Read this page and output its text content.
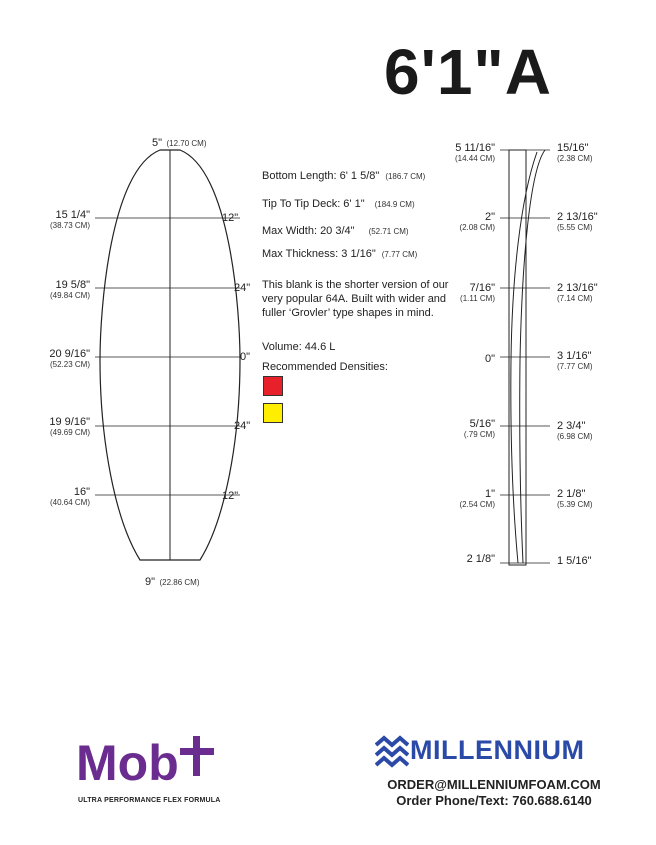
6'1"A
5" (12.70 CM)
9" (22.86 CM)
15 1/4"
(38.73 CM)
19 5/8"
(49.84 CM)
20 9/16"
(52.23 CM)
19 9/16"
(49.69 CM)
16"
(40.64 CM)
12"
24"
0"
24"
12"
Bottom Length: 6' 1 5/8" (186.7 CM)
Tip To Tip Deck: 6' 1" (184.9 CM)
Max Width: 20 3/4" (52.71 CM)
Max Thickness: 3 1/16" (7.77 CM)
This blank is the shorter version of our very popular 64A. Built with wider and fuller ‘Grovler’ type shapes in mind.
Volume: 44.6 L
Recommended Densities:
5 11/16"
(14.44 CM)
2"
(2.08 CM)
7/16"
(1.11 CM)
0"
5/16"
(.79 CM)
1"
(2.54 CM)
2 1/8"
15/16"
(2.38 CM)
2 13/16"
(5.55 CM)
2 13/16"
(7.14 CM)
3 1/16"
(7.77 CM)
2 3/4"
(6.98 CM)
2 1/8"
(5.39 CM)
1 5/16"
Mob
ULTRA PERFORMANCE FLEX FORMULA
MILLENNIUM
ORDER@MILLENNIUMFOAM.COM
Order Phone/Text: 760.688.6140
